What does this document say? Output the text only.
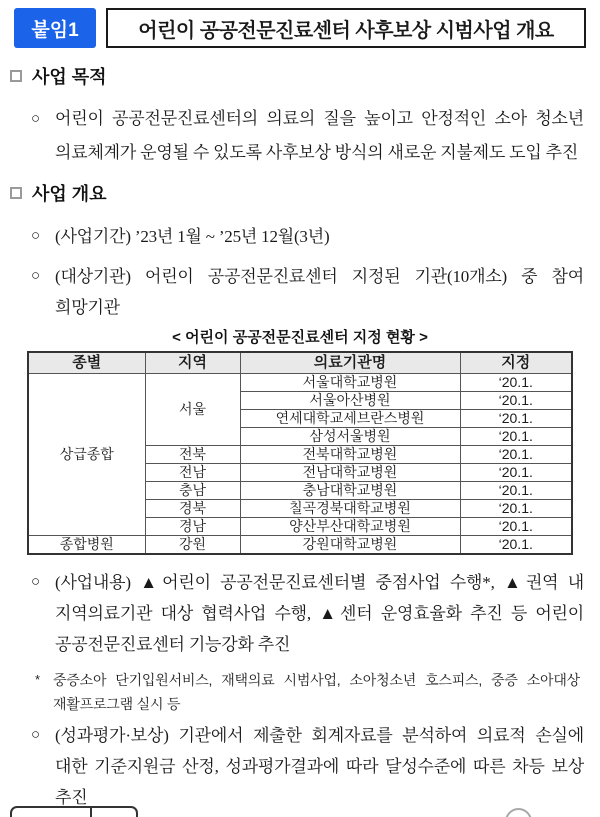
붙임1	어린이 공공전문진료센터 사후보상 시범사업 개요
사업 목적
○ 어린이 공공전문진료센터의 의료의 질을 높이고 안정적인 소아 청소년 의료체계가 운영될 수 있도록 사후보상 방식의 새로운 지불제도 도입 추진
사업 개요
○ (사업기간) ’23년 1월 ~ ’25년 12월(3년)
○ (대상기관) 어린이 공공전문진료센터 지정된 기관(10개소) 중 참여 희망기관
< 어린이 공공전문진료센터 지정 현황 >
종별	지역	의료기관명	지정
상급종합	서울	서울대학교병원	‘20.1.
		서울아산병원	‘20.1.
		연세대학교세브란스병원	‘20.1.
		삼성서울병원	‘20.1.
	전북	전북대학교병원	‘20.1.
	전남	전남대학교병원	‘20.1.
	충남	충남대학교병원	‘20.1.
	경북	칠곡경북대학교병원	‘20.1.
	경남	양산부산대학교병원	‘20.1.
종합병원	강원	강원대학교병원	‘20.1.
○ (사업내용) ▲어린이 공공전문진료센터별 중점사업 수행*, ▲권역 내 지역의료기관 대상 협력사업 수행, ▲센터 운영효율화 추진 등 어린이 공공전문진료센터 기능강화 추진
* 중증소아 단기입원서비스, 재택의료 시범사업, 소아청소년 호스피스, 중증 소아대상 재활프로그램 실시 등
○ (성과평가·보상) 기관에서 제출한 회계자료를 분석하여 의료적 손실에 대한 기준지원금 산정, 성과평가결과에 따라 달성수준에 따른 차등 보상 추진
